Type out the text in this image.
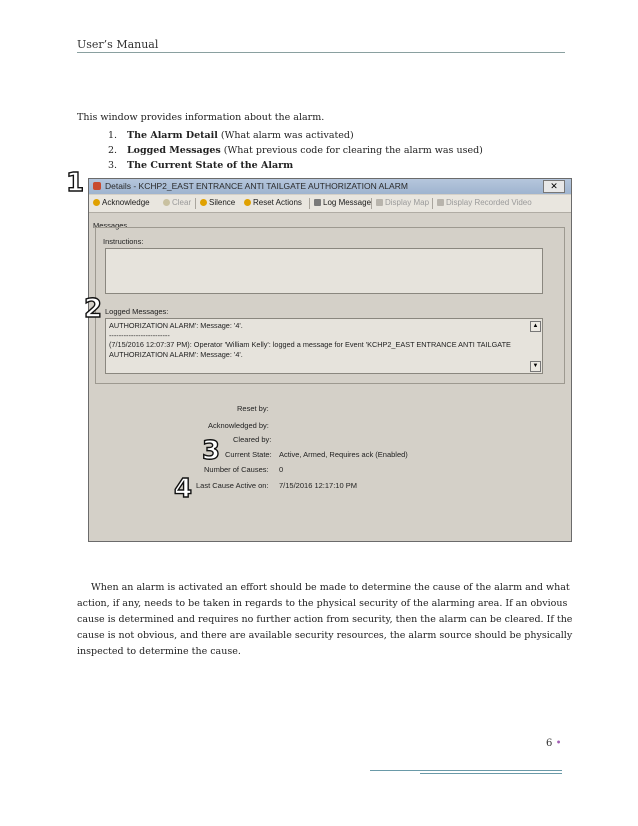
User’s Manual
This window provides information about the alarm.
1. The Alarm Detail (What alarm was activated)
2. Logged Messages (What previous code for clearing the alarm was used)
3. The Current State of the Alarm
1 Details - KCHP2_EAST ENTRANCE ANTI TAILGATE AUTHORIZATION ALARM	✕
Acknowledge	Clear	Silence	Reset Actions	Log Message	Display Map	Display Recorded Video
Messages
Instructions:
Logged Messages:
AUTHORIZATION ALARM': Message: '4'.
-------------------------
(7/15/2016 12:07:37 PM): Operator 'William Kelly': logged a message for Event 'KCHP2_EAST ENTRANCE ANTI TAILGATE
AUTHORIZATION ALARM': Message: '4'.
▲
▼
Reset by:
Acknowledged by:
Cleared by:
Current State: Active, Armed, Requires ack (Enabled)
Number of Causes: 0
Last Cause Active on: 7/15/2016 12:17:10 PM
2
3
4
When an alarm is activated an effort should be made to determine the cause of the alarm and what
action, if any, needs to be taken in regards to the physical security of the alarming area. If an obvious
cause is determined and requires no further action from security, then the alarm can be cleared. If the
cause is not obvious, and there are available security resources, the alarm source should be physically
inspected to determine the cause.
6 •
